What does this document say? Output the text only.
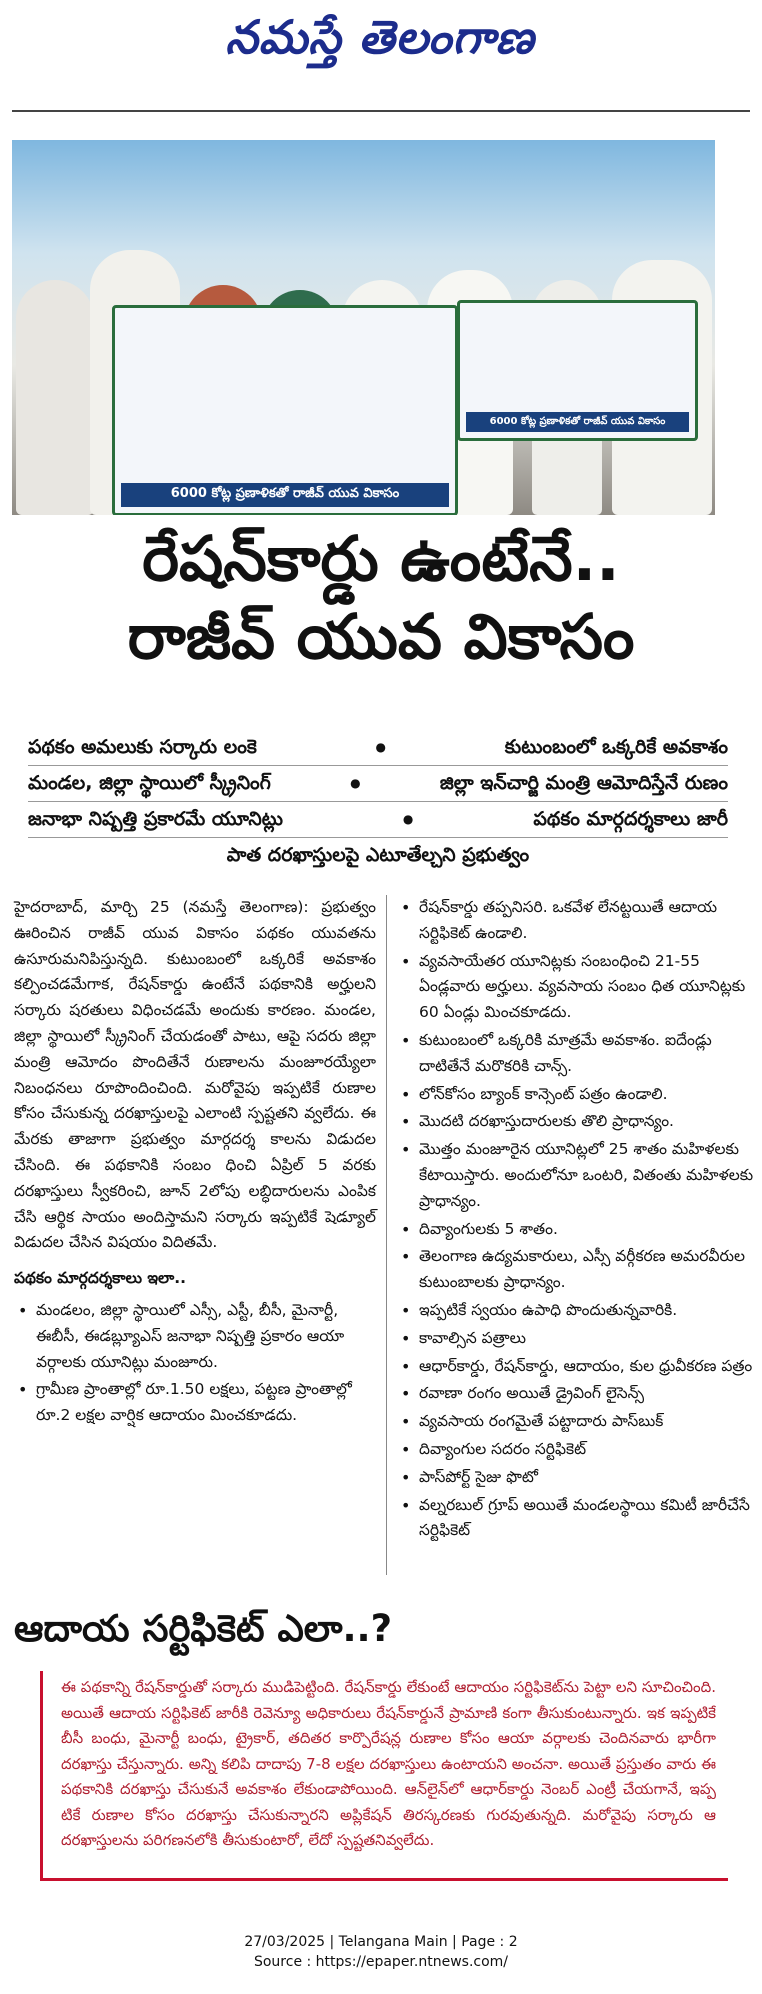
నమస్తే తెలంగాణ
6000 కోట్ల ప్రణాళికతో రాజీవ్ యువ వికాసం
6000 కోట్ల ప్రణాళికతో రాజీవ్ యువ వికాసం
రేషన్‌కార్డు ఉంటేనే..
రాజీవ్ యువ వికాసం
పథకం అమలుకు సర్కారు లంకె	●	కుటుంబంలో ఒక్కరికే అవకాశం
మండల, జిల్లా స్థాయిలో స్క్రీనింగ్	●	జిల్లా ఇన్‌చార్జి మంత్రి ఆమోదిస్తేనే రుణం
జనాభా నిష్పత్తి ప్రకారమే యూనిట్లు	●	పథకం మార్గదర్శకాలు జారీ
పాత దరఖాస్తులపై ఎటూతేల్చని ప్రభుత్వం

హైదరాబాద్, మార్చి 25 (నమస్తే తెలంగాణ): ప్రభుత్వం ఊరించిన రాజీవ్ యువ వికాసం పథకం యువతను ఉసూరుమనిపిస్తున్నది. కుటుంబంలో ఒక్కరికే అవకాశం కల్పించడమేగాక, రేషన్‌కార్డు ఉంటేనే పథకానికి అర్హులని సర్కారు షరతులు విధించడమే అందుకు కారణం. మండల, జిల్లా స్థాయిలో స్క్రీనింగ్ చేయడంతో పాటు, ఆపై సదరు జిల్లా మంత్రి ఆమోదం పొందితేనే రుణాలను మంజూరయ్యేలా నిబంధనలు రూపొందించింది. మరోవైపు ఇప్పటికే రుణాల కోసం చేసుకున్న దరఖాస్తులపై ఎలాంటి స్పష్టతని వ్వలేదు. ఈ మేరకు తాజాగా ప్రభుత్వం మార్గదర్శ కాలను విడుదల చేసింది. ఈ పథకానికి సంబం ధించి ఏప్రిల్ 5 వరకు దరఖాస్తులు స్వీకరించి, జూన్ 2లోపు లబ్ధిదారులను ఎంపిక చేసి ఆర్థిక సాయం అందిస్తామని సర్కారు ఇప్పటికే షెడ్యూల్ విడుదల చేసిన విషయం విదితమే.

పథకం మార్గదర్శకాలు ఇలా..
• మండలం, జిల్లా స్థాయిలో ఎస్సీ, ఎస్టీ, బీసీ, మైనార్టీ, ఈబీసీ, ఈడబ్ల్యూఎస్ జనాభా నిష్పత్తి ప్రకారం ఆయా వర్గాలకు యూనిట్లు మంజూరు.
• గ్రామీణ ప్రాంతాల్లో రూ.1.50 లక్షలు, పట్టణ ప్రాంతాల్లో రూ.2 లక్షల వార్షిక ఆదాయం మించకూడదు.
• రేషన్‌కార్డు తప్పనిసరి. ఒకవేళ లేనట్టయితే ఆదాయ సర్టిఫికెట్ ఉండాలి.
• వ్యవసాయేతర యూనిట్లకు సంబంధించి 21-55 ఏండ్లవారు అర్హులు. వ్యవసాయ సంబం ధిత యూనిట్లకు 60 ఏండ్లు మించకూడదు.
• కుటుంబంలో ఒక్కరికి మాత్రమే అవకాశం. ఐదేండ్లు దాటితేనే మరొకరికి చాన్స్.
• లోన్‌కోసం బ్యాంక్ కాన్సెంట్ పత్రం ఉండాలి.
• మొదటి దరఖాస్తుదారులకు తొలి ప్రాధాన్యం.
• మొత్తం మంజూరైన యూనిట్లలో 25 శాతం మహిళలకు కేటాయిస్తారు. అందులోనూ ఒంటరి, వితంతు మహిళలకు ప్రాధాన్యం.
• దివ్యాంగులకు 5 శాతం.
• తెలంగాణ ఉద్యమకారులు, ఎస్సీ వర్గీకరణ అమరవీరుల కుటుంబాలకు ప్రాధాన్యం.
• ఇప్పటికే స్వయం ఉపాధి పొందుతున్నవారికి.
• కావాల్సిన పత్రాలు
• ఆధార్‌కార్డు, రేషన్‌కార్డు, ఆదాయం, కుల ధ్రువీకరణ పత్రం
• రవాణా రంగం అయితే డ్రైవింగ్ లైసెన్స్
• వ్యవసాయ రంగమైతే పట్టాదారు పాస్‌బుక్
• దివ్యాంగుల సదరం సర్టిఫికెట్
• పాస్‌పోర్ట్ సైజు ఫొటో
• వల్నరబుల్ గ్రూప్ అయితే మండలస్థాయి కమిటీ జారీచేసే సర్టిఫికెట్
ఆదాయ సర్టిఫికెట్ ఎలా..?
ఈ పథకాన్ని రేషన్‌కార్డుతో సర్కారు ముడిపెట్టింది. రేషన్‌కార్డు లేకుంటే ఆదాయం సర్టిఫికెట్‌ను పెట్టా లని సూచించింది. అయితే ఆదాయ సర్టిఫికెట్ జారీకి రెవెన్యూ అధికారులు రేషన్‌కార్డునే ప్రామాణి కంగా తీసుకుంటున్నారు. ఇక ఇప్పటికే బీసీ బంధు, మైనార్టీ బంధు, ట్రైకార్, తదితర కార్పొరేషన్ల రుణాల కోసం ఆయా వర్గాలకు చెందినవారు భారీగా దరఖాస్తు చేస్తున్నారు. అన్ని కలిపి దాదాపు 7-8 లక్షల దరఖాస్తులు ఉంటాయని అంచనా. అయితే ప్రస్తుతం వారు ఈ పథకానికి దరఖాస్తు చేసుకునే అవకాశం లేకుండాపోయింది. ఆన్‌లైన్‌లో ఆధార్‌కార్డు నెంబర్ ఎంట్రీ చేయగానే, ఇప్ప టికే రుణాల కోసం దరఖాస్తు చేసుకున్నారని అప్లికేషన్ తిరస్కరణకు గురవుతున్నది. మరోవైపు సర్కారు ఆ దరఖాస్తులను పరిగణనలోకి తీసుకుంటారో, లేదో స్పష్టతనివ్వలేదు.
27/03/2025 | Telangana Main | Page : 2
Source : https://epaper.ntnews.com/
